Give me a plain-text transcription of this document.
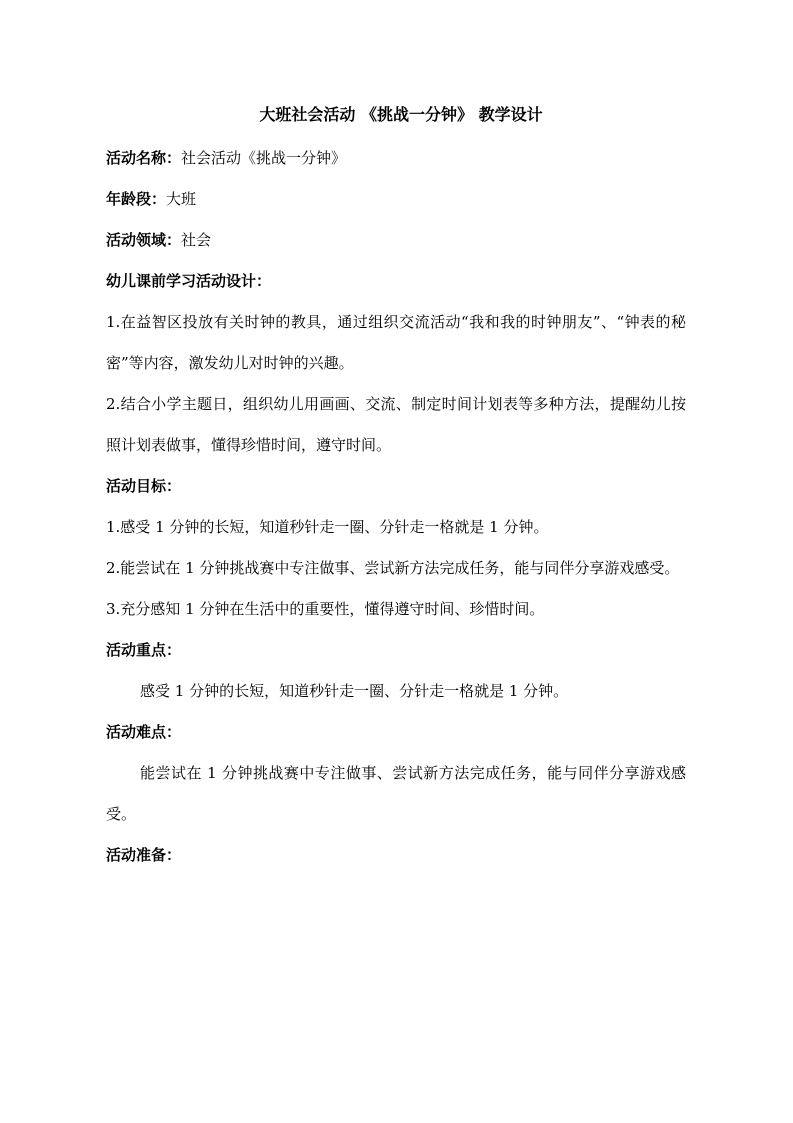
大班社会活动 《挑战一分钟》 教学设计
活动名称：社会活动《挑战一分钟》
年龄段：大班
活动领域：社会
幼儿课前学习活动设计：

1.在益智区投放有关时钟的教具，通过组织交流活动“我和我的时钟朋友”、“钟表的秘密”等内容，激发幼儿对时钟的兴趣。

2.结合小学主题日，组织幼儿用画画、交流、制定时间计划表等多种方法，提醒幼儿按照计划表做事，懂得珍惜时间，遵守时间。

活动目标：

1.感受 1 分钟的长短，知道秒针走一圈、分针走一格就是 1 分钟。

2.能尝试在 1 分钟挑战赛中专注做事、尝试新方法完成任务，能与同伴分享游戏感受。

3.充分感知 1 分钟在生活中的重要性，懂得遵守时间、珍惜时间。

活动重点：

感受 1 分钟的长短，知道秒针走一圈、分针走一格就是 1 分钟。

活动难点：

能尝试在 1 分钟挑战赛中专注做事、尝试新方法完成任务，能与同伴分享游戏感受。

活动准备：
